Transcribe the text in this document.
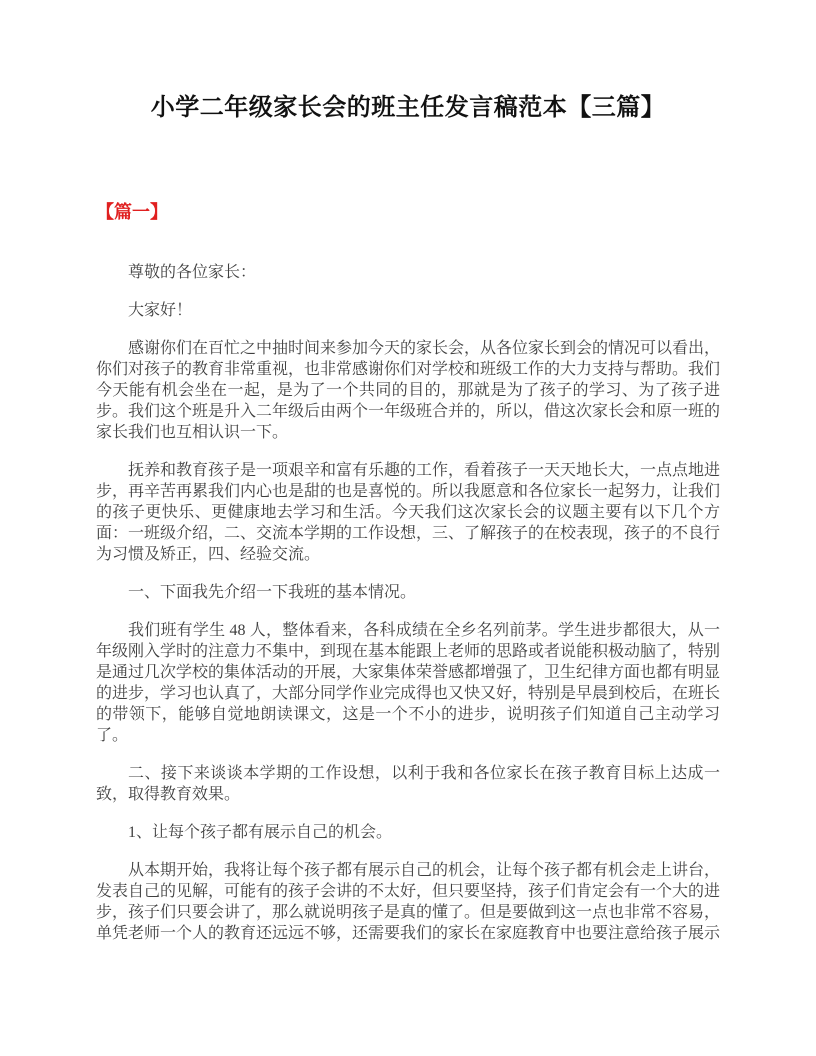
小学二年级家长会的班主任发言稿范本【三篇】
【篇一】

尊敬的各位家长：

大家好！

感谢你们在百忙之中抽时间来参加今天的家长会，从各位家长到会的情况可以看出，你们对孩子的教育非常重视，也非常感谢你们对学校和班级工作的大力支持与帮助。我们今天能有机会坐在一起，是为了一个共同的目的，那就是为了孩子的学习、为了孩子进步。我们这个班是升入二年级后由两个一年级班合并的，所以，借这次家长会和原一班的家长我们也互相认识一下。

抚养和教育孩子是一项艰辛和富有乐趣的工作，看着孩子一天天地长大，一点点地进步，再辛苦再累我们内心也是甜的也是喜悦的。所以我愿意和各位家长一起努力，让我们的孩子更快乐、更健康地去学习和生活。今天我们这次家长会的议题主要有以下几个方面：一班级介绍，二、交流本学期的工作设想，三、了解孩子的在校表现，孩子的不良行为习惯及矫正，四、经验交流。

一、下面我先介绍一下我班的基本情况。

我们班有学生 48 人，整体看来，各科成绩在全乡名列前茅。学生进步都很大，从一年级刚入学时的注意力不集中，到现在基本能跟上老师的思路或者说能积极动脑了，特别是通过几次学校的集体活动的开展，大家集体荣誉感都增强了，卫生纪律方面也都有明显的进步，学习也认真了，大部分同学作业完成得也又快又好，特别是早晨到校后，在班长的带领下，能够自觉地朗读课文，这是一个不小的进步，说明孩子们知道自己主动学习了。

二、接下来谈谈本学期的工作设想，以利于我和各位家长在孩子教育目标上达成一致，取得教育效果。

1、让每个孩子都有展示自己的机会。

从本期开始，我将让每个孩子都有展示自己的机会，让每个孩子都有机会走上讲台，发表自己的见解，可能有的孩子会讲的不太好，但只要坚持，孩子们肯定会有一个大的进步，孩子们只要会讲了，那么就说明孩子是真的懂了。但是要做到这一点也非常不容易，单凭老师一个人的教育还远远不够，还需要我们的家长在家庭教育中也要注意给孩子展示
